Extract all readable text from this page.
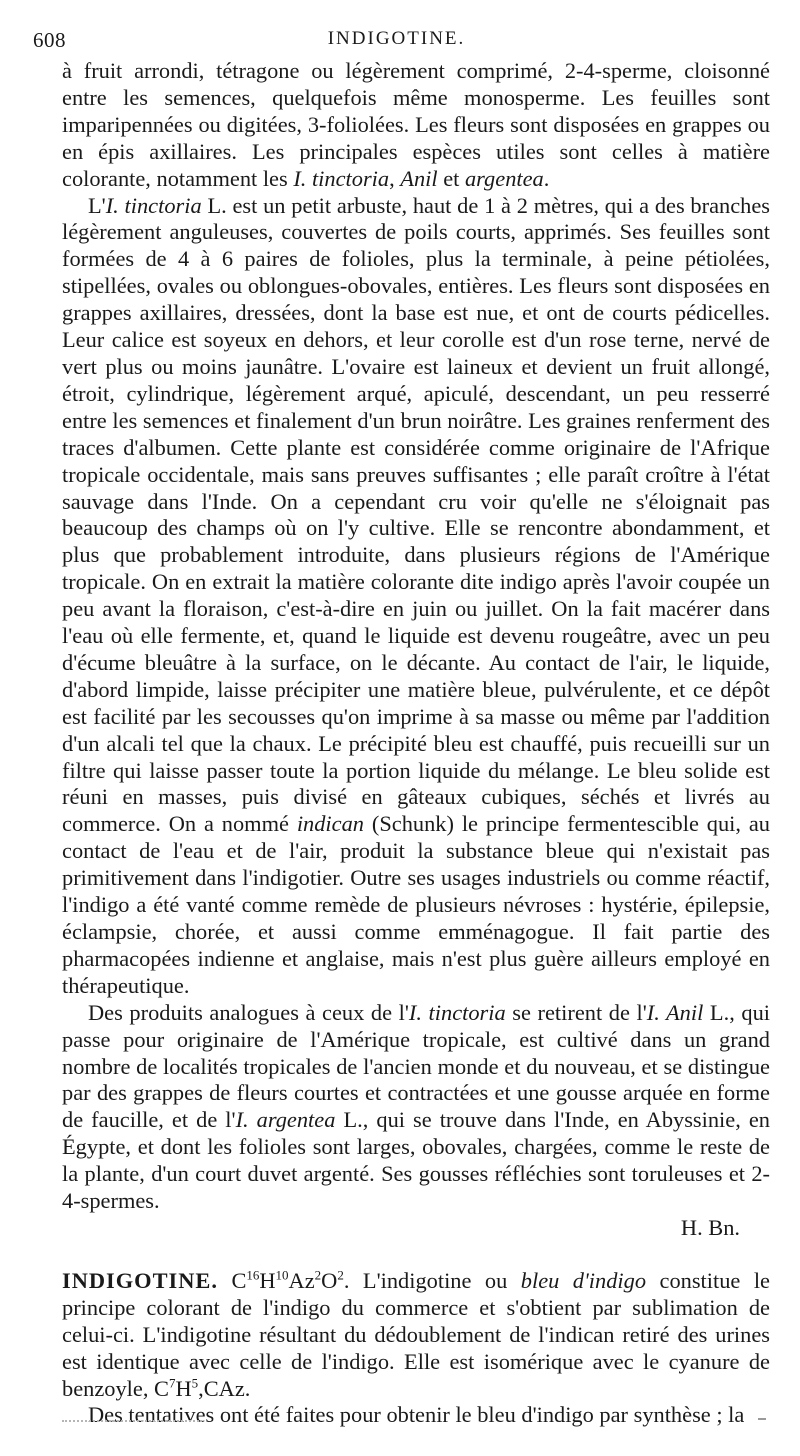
608	INDIGOTINE.

à fruit arrondi, tétragone ou légèrement comprimé, 2-4-sperme, cloisonné entre les semences, quelquefois même monosperme. Les feuilles sont imparipennées ou digitées, 3-foliolées. Les fleurs sont disposées en grappes ou en épis axillaires. Les principales espèces utiles sont celles à matière colorante, notamment les I. tinctoria, Anil et argentea.

L'I. tinctoria L. est un petit arbuste, haut de 1 à 2 mètres, qui a des branches légèrement anguleuses, couvertes de poils courts, apprimés. Ses feuilles sont formées de 4 à 6 paires de folioles, plus la terminale, à peine pétiolées, stipellées, ovales ou oblongues-obovales, entières. Les fleurs sont disposées en grappes axillaires, dressées, dont la base est nue, et ont de courts pédicelles. Leur calice est soyeux en dehors, et leur corolle est d'un rose terne, nervé de vert plus ou moins jaunâtre. L'ovaire est laineux et devient un fruit allongé, étroit, cylindrique, légèrement arqué, apiculé, descendant, un peu resserré entre les semences et finalement d'un brun noirâtre. Les graines renferment des traces d'albumen. Cette plante est considérée comme originaire de l'Afrique tropicale occidentale, mais sans preuves suffisantes ; elle paraît croître à l'état sauvage dans l'Inde. On a cependant cru voir qu'elle ne s'éloignait pas beaucoup des champs où on l'y cultive. Elle se rencontre abondamment, et plus que probablement introduite, dans plusieurs régions de l'Amérique tropicale. On en extrait la matière colorante dite indigo après l'avoir coupée un peu avant la floraison, c'est-à-dire en juin ou juillet. On la fait macérer dans l'eau où elle fermente, et, quand le liquide est devenu rougeâtre, avec un peu d'écume bleuâtre à la surface, on le décante. Au contact de l'air, le liquide, d'abord limpide, laisse précipiter une matière bleue, pulvérulente, et ce dépôt est facilité par les secousses qu'on imprime à sa masse ou même par l'addition d'un alcali tel que la chaux. Le précipité bleu est chauffé, puis recueilli sur un filtre qui laisse passer toute la portion liquide du mélange. Le bleu solide est réuni en masses, puis divisé en gâteaux cubiques, séchés et livrés au commerce. On a nommé indican (Schunk) le principe fermentescible qui, au contact de l'eau et de l'air, produit la substance bleue qui n'existait pas primitivement dans l'indigotier. Outre ses usages industriels ou comme réactif, l'indigo a été vanté comme remède de plusieurs névroses : hystérie, épilepsie, éclampsie, chorée, et aussi comme emménagogue. Il fait partie des pharmacopées indienne et anglaise, mais n'est plus guère ailleurs employé en thérapeutique.

Des produits analogues à ceux de l'I. tinctoria se retirent de l'I. Anil L., qui passe pour originaire de l'Amérique tropicale, est cultivé dans un grand nombre de localités tropicales de l'ancien monde et du nouveau, et se distingue par des grappes de fleurs courtes et contractées et une gousse arquée en forme de faucille, et de l'I. argentea L., qui se trouve dans l'Inde, en Abyssinie, en Égypte, et dont les folioles sont larges, obovales, chargées, comme le reste de la plante, d'un court duvet argenté. Ses gousses réfléchies sont toruleuses et 2-4-spermes.

H. Bn.

INDIGOTINE. $C^{16}H^{10}Az^2O^2$. L'indigotine ou bleu d'indigo constitue le principe colorant de l'indigo du commerce et s'obtient par sublimation de celui-ci. L'indigotine résultant du dédoublement de l'indican retiré des urines est identique avec celle de l'indigo. Elle est isomérique avec le cyanure de benzoyle, $C^7H^5,CAz$.

Des tentatives ont été faites pour obtenir le bleu d'indigo par synthèse ; la
